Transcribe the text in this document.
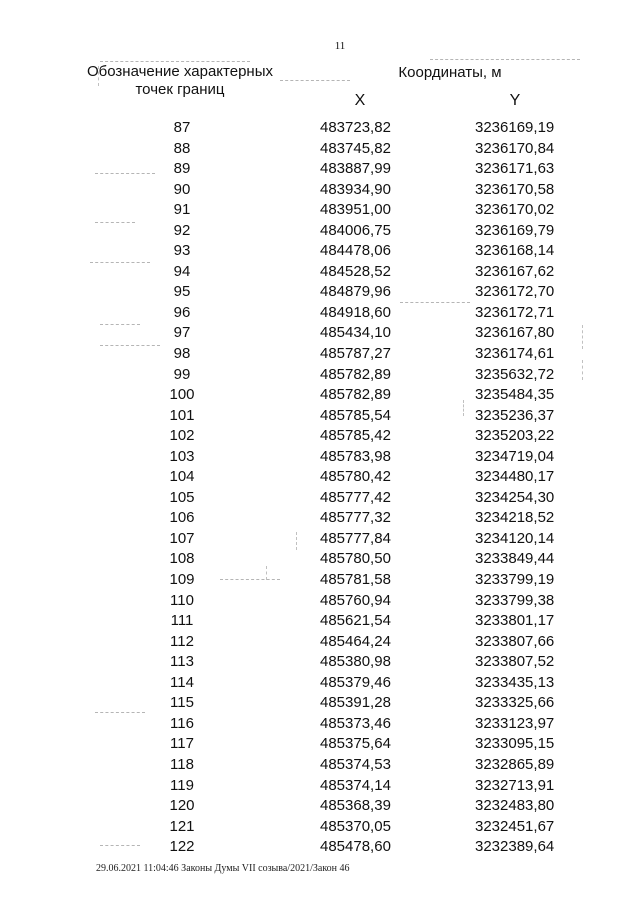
11
Обозначение характерных точек границ
Координаты, м
X	Y
87	483723,82	3236169,19
88	483745,82	3236170,84
89	483887,99	3236171,63
90	483934,90	3236170,58
91	483951,00	3236170,02
92	484006,75	3236169,79
93	484478,06	3236168,14
94	484528,52	3236167,62
95	484879,96	3236172,70
96	484918,60	3236172,71
97	485434,10	3236167,80
98	485787,27	3236174,61
99	485782,89	3235632,72
100	485782,89	3235484,35
101	485785,54	3235236,37
102	485785,42	3235203,22
103	485783,98	3234719,04
104	485780,42	3234480,17
105	485777,42	3234254,30
106	485777,32	3234218,52
107	485777,84	3234120,14
108	485780,50	3233849,44
109	485781,58	3233799,19
110	485760,94	3233799,38
111	485621,54	3233801,17
112	485464,24	3233807,66
113	485380,98	3233807,52
114	485379,46	3233435,13
115	485391,28	3233325,66
116	485373,46	3233123,97
117	485375,64	3233095,15
118	485374,53	3232865,89
119	485374,14	3232713,91
120	485368,39	3232483,80
121	485370,05	3232451,67
122	485478,60	3232389,64
29.06.2021 11:04:46 Законы Думы VII созыва/2021/Закон 46
